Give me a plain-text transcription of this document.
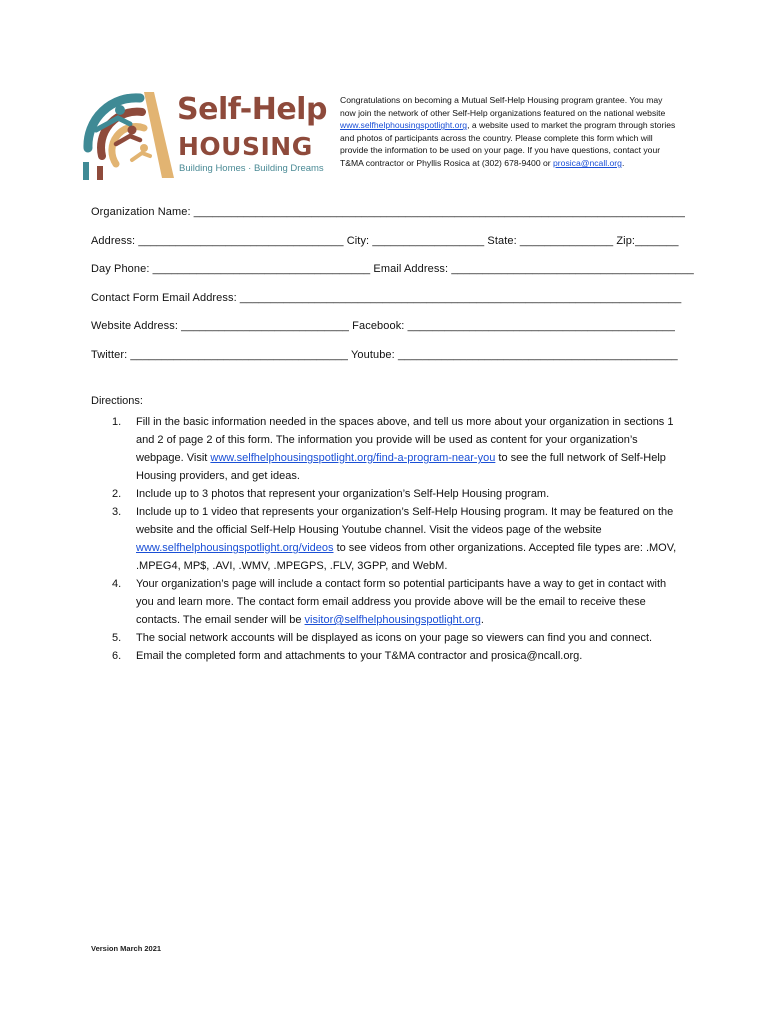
Self-Help
HOUSING
Building Homes · Building Dreams
Congratulations on becoming a Mutual Self-Help Housing program grantee. You may now join the network of other Self-Help organizations featured on the national website www.selfhelphousingspotlight.org, a website used to market the program through stories and photos of participants across the country. Please complete this form which will provide the information to be used on your page. If you have questions, contact your T&MA contractor or Phyllis Rosica at (302) 678-9400 or prosica@ncall.org.
Organization Name: _______________________________________________________________________________
Address: _________________________________ City: __________________ State: _______________ Zip:_______
Day Phone: ___________________________________ Email Address: _______________________________________
Contact Form Email Address: _______________________________________________________________________
Website Address: ___________________________ Facebook: ___________________________________________
Twitter: ___________________________________ Youtube: _____________________________________________
Directions:
1. Fill in the basic information needed in the spaces above, and tell us more about your organization in sections 1 and 2 of page 2 of this form. The information you provide will be used as content for your organization’s webpage. Visit www.selfhelphousingspotlight.org/find-a-program-near-you to see the full network of Self-Help Housing providers, and get ideas.
2. Include up to 3 photos that represent your organization’s Self-Help Housing program.
3. Include up to 1 video that represents your organization’s Self-Help Housing program. It may be featured on the website and the official Self-Help Housing Youtube channel. Visit the videos page of the website www.selfhelphousingspotlight.org/videos to see videos from other organizations. Accepted file types are: .MOV, .MPEG4, MP$, .AVI, .WMV, .MPEGPS, .FLV, 3GPP, and WebM.
4. Your organization’s page will include a contact form so potential participants have a way to get in contact with you and learn more. The contact form email address you provide above will be the email to receive these contacts. The email sender will be visitor@selfhelphousingspotlight.org.
5. The social network accounts will be displayed as icons on your page so viewers can find you and connect.
6. Email the completed form and attachments to your T&MA contractor and prosica@ncall.org.
Version March 2021
